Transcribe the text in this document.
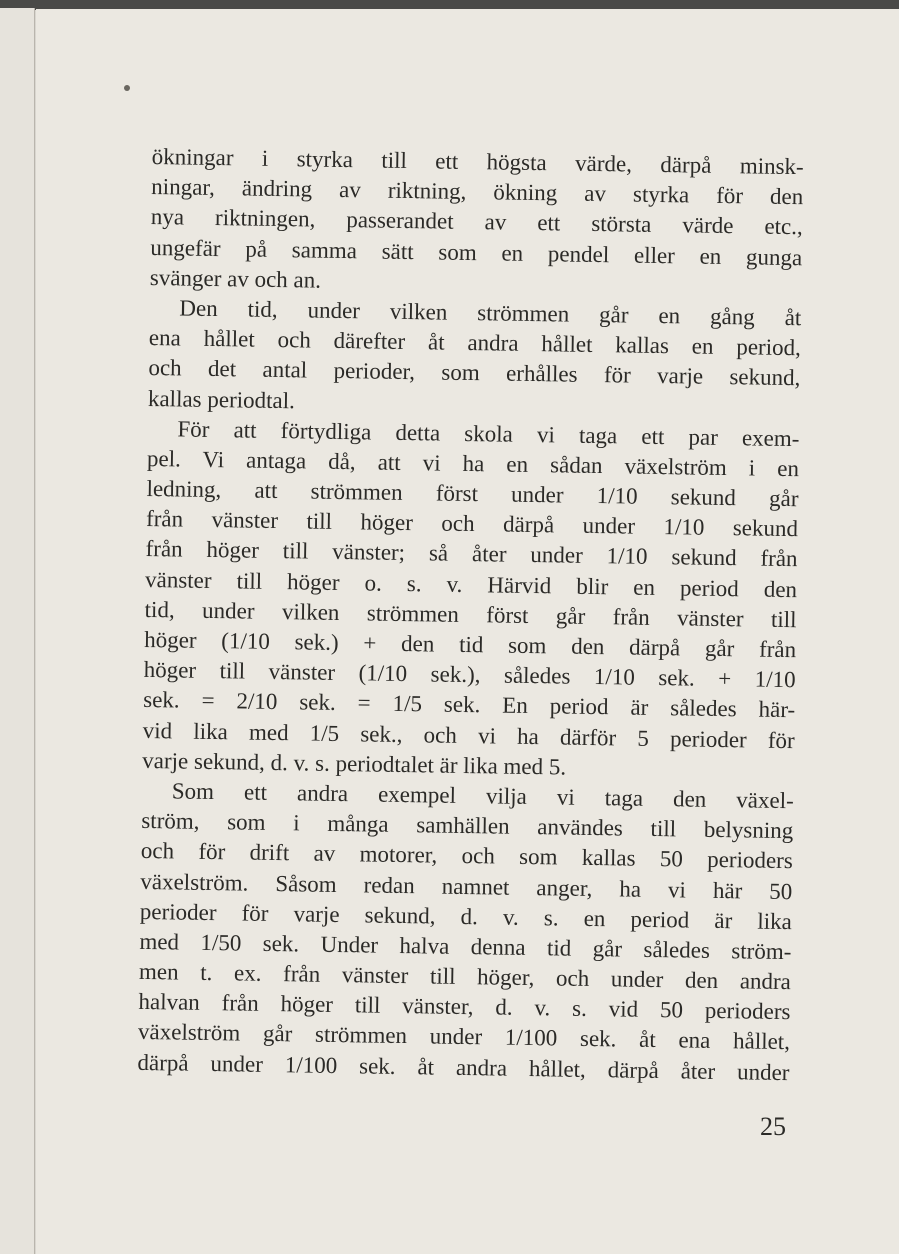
ökningar i styrka till ett högsta värde, därpå minsk-
ningar, ändring av riktning, ökning av styrka för den
nya riktningen, passerandet av ett största värde etc.,
ungefär på samma sätt som en pendel eller en gunga
svänger av och an.
Den tid, under vilken strömmen går en gång åt
ena hållet och därefter åt andra hållet kallas en period,
och det antal perioder, som erhålles för varje sekund,
kallas periodtal.
För att förtydliga detta skola vi taga ett par exem-
pel. Vi antaga då, att vi ha en sådan växelström i en
ledning, att strömmen först under 1/10 sekund går
från vänster till höger och därpå under 1/10 sekund
från höger till vänster; så åter under 1/10 sekund från
vänster till höger o. s. v. Härvid blir en period den
tid, under vilken strömmen först går från vänster till
höger (1/10 sek.) + den tid som den därpå går från
höger till vänster (1/10 sek.), således 1/10 sek. + 1/10
sek. = 2/10 sek. = 1/5 sek. En period är således här-
vid lika med 1/5 sek., och vi ha därför 5 perioder för
varje sekund, d. v. s. periodtalet är lika med 5.
Som ett andra exempel vilja vi taga den växel-
ström, som i många samhällen användes till belysning
och för drift av motorer, och som kallas 50 perioders
växelström. Såsom redan namnet anger, ha vi här 50
perioder för varje sekund, d. v. s. en period är lika
med 1/50 sek. Under halva denna tid går således ström-
men t. ex. från vänster till höger, och under den andra
halvan från höger till vänster, d. v. s. vid 50 perioders
växelström går strömmen under 1/100 sek. åt ena hållet,
därpå under 1/100 sek. åt andra hållet, därpå åter under
25
